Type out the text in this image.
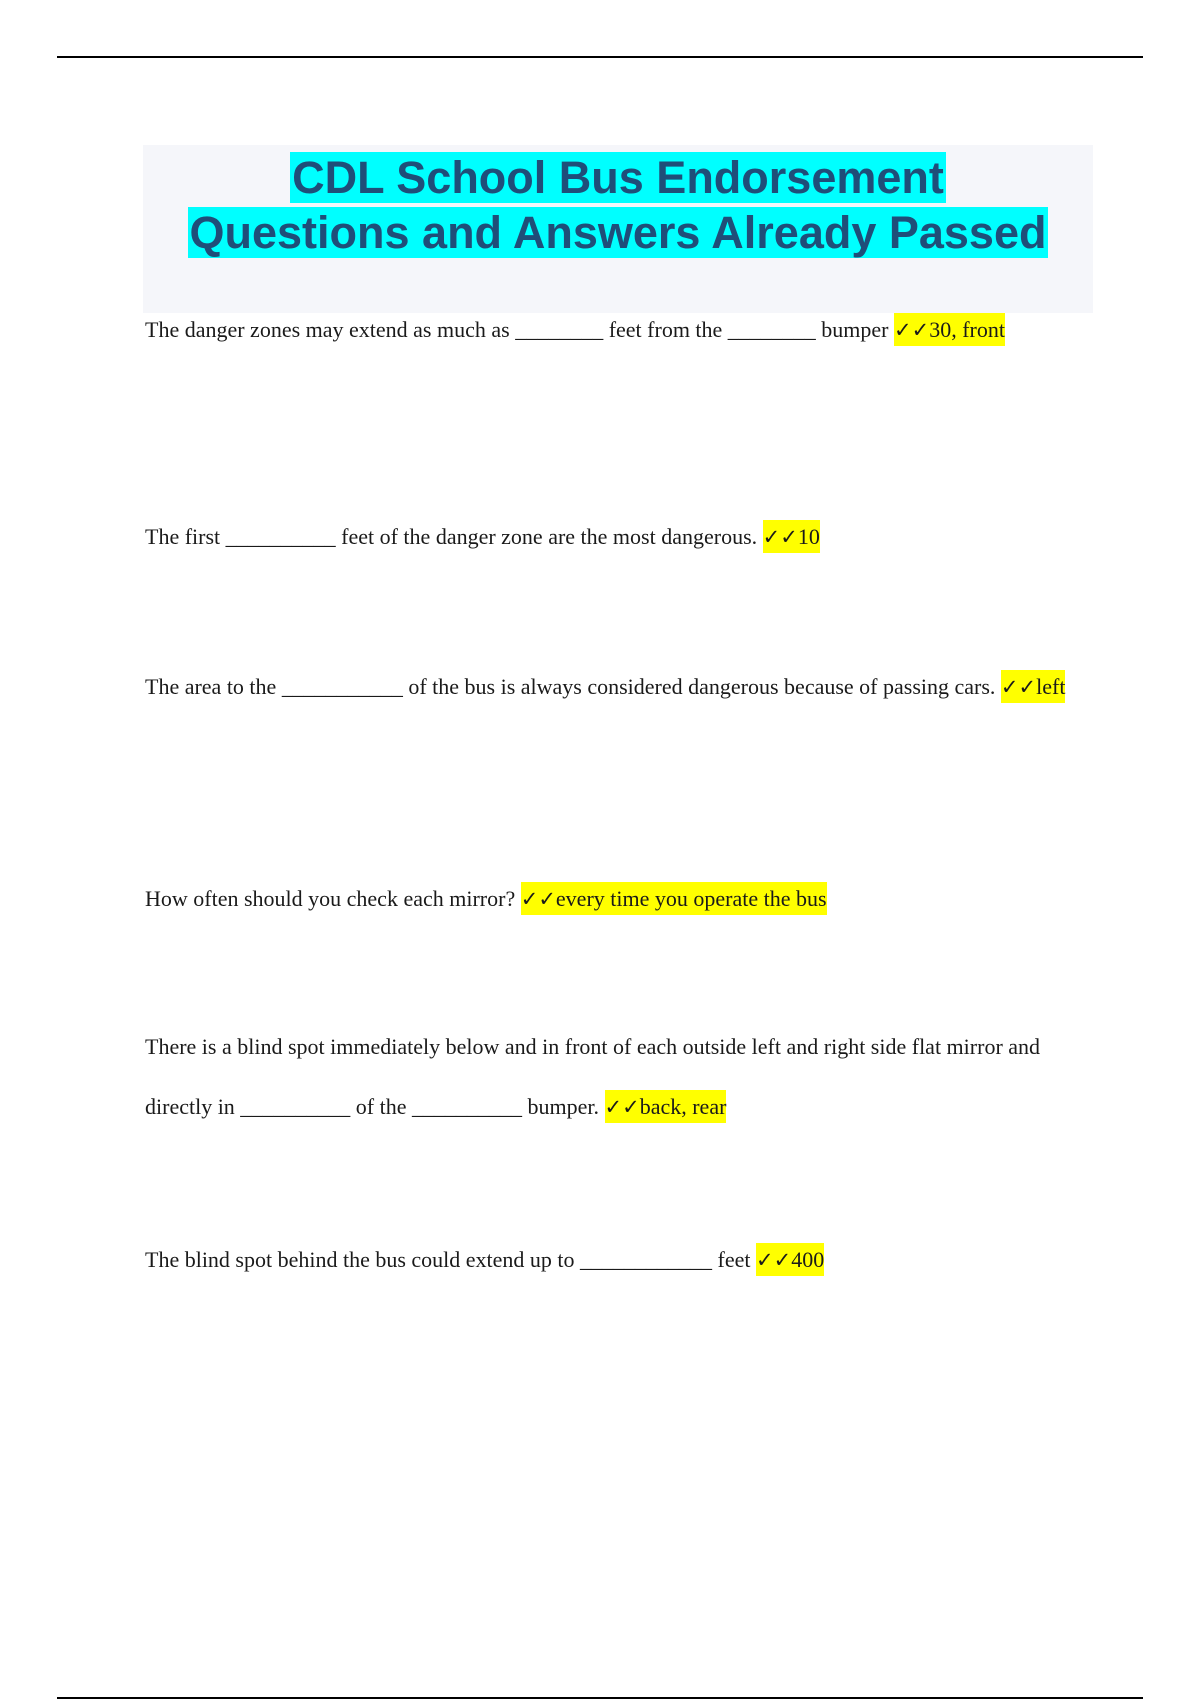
CDL School Bus Endorsement
Questions and Answers Already Passed

The danger zones may extend as much as ________ feet from the ________ bumper ✓✓30, front

The first __________ feet of the danger zone are the most dangerous. ✓✓10

The area to the ___________ of the bus is always considered dangerous because of passing cars. ✓✓left

How often should you check each mirror? ✓✓every time you operate the bus

There is a blind spot immediately below and in front of each outside left and right side flat mirror and directly in __________ of the __________ bumper. ✓✓back, rear

The blind spot behind the bus could extend up to ____________ feet ✓✓400
